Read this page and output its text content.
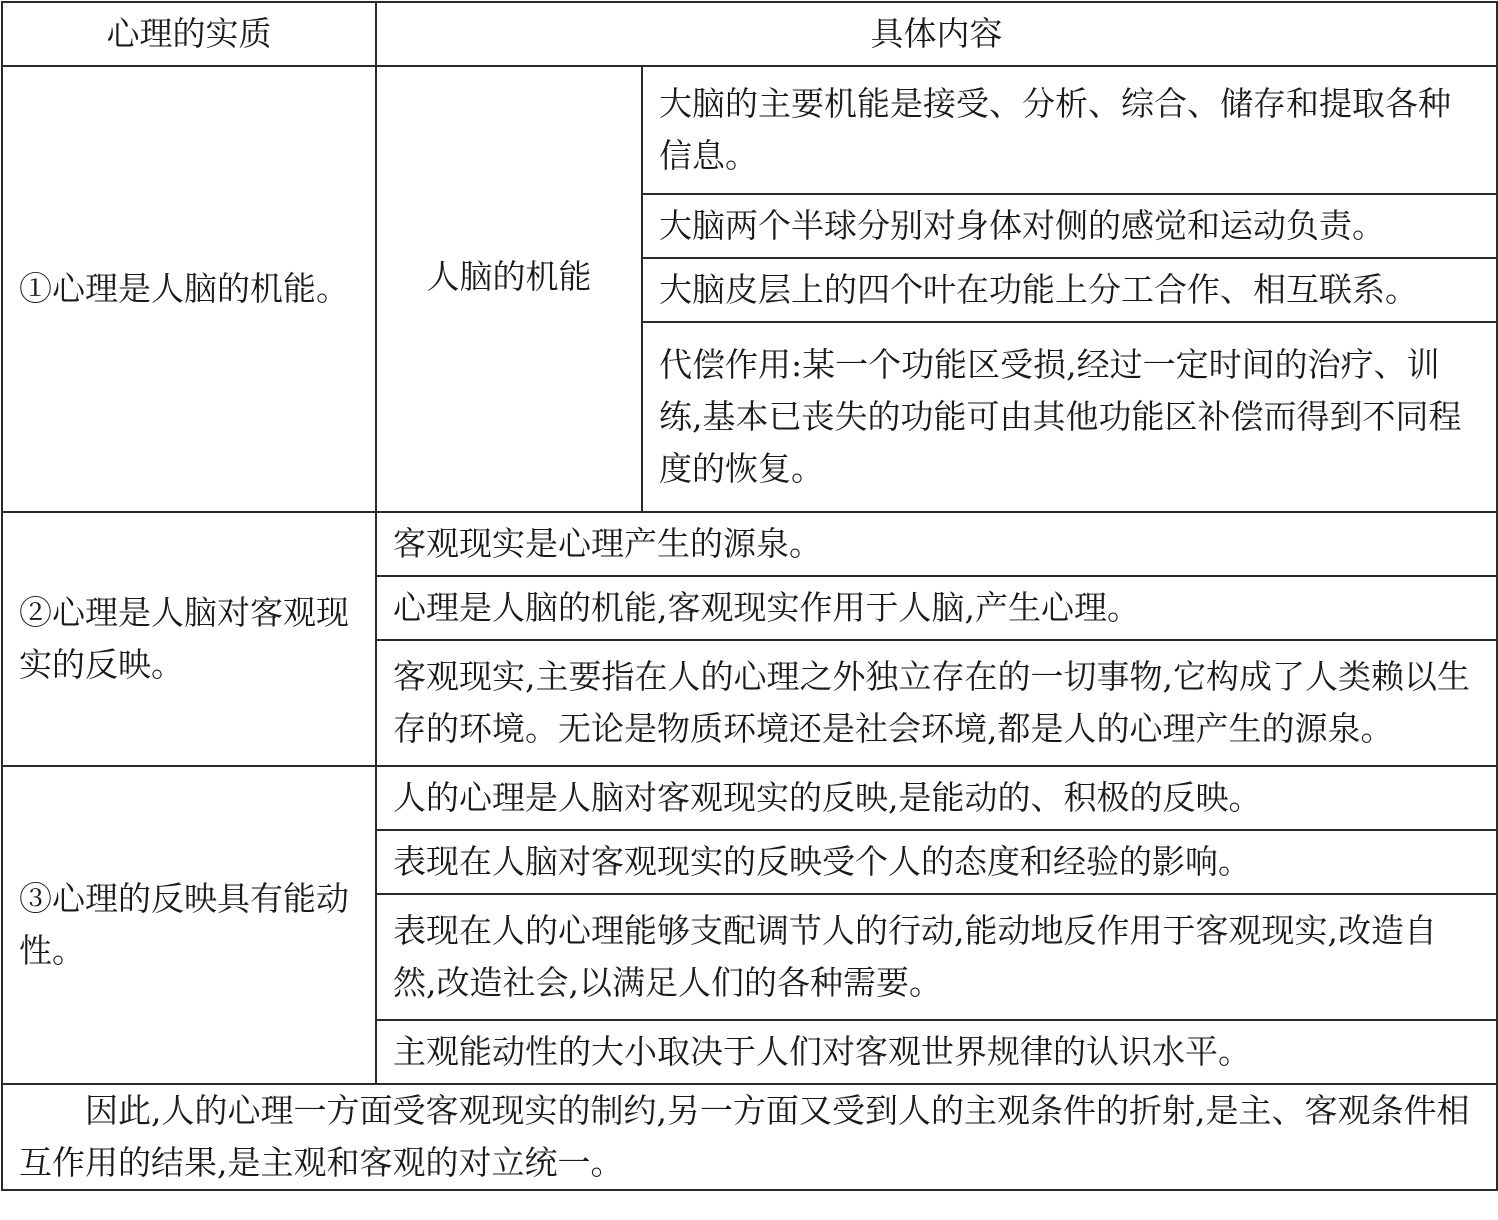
心理的实质	具体内容	
①心理是人脑的机能。	人脑的机能	大脑的主要机能是接受、分析、综合、储存和提取各种信息。
		大脑两个半球分别对身体对侧的感觉和运动负责。
		大脑皮层上的四个叶在功能上分工合作、相互联系。
		代偿作用:某一个功能区受损,经过一定时间的治疗、训练,基本已丧失的功能可由其他功能区补偿而得到不同程度的恢复。
②心理是人脑对客观现实的反映。	客观现实是心理产生的源泉。	
	心理是人脑的机能,客观现实作用于人脑,产生心理。	
	客观现实,主要指在人的心理之外独立存在的一切事物,它构成了人类赖以生存的环境。无论是物质环境还是社会环境,都是人的心理产生的源泉。	
③心理的反映具有能动性。	人的心理是人脑对客观现实的反映,是能动的、积极的反映。	
	表现在人脑对客观现实的反映受个人的态度和经验的影响。	
	表现在人的心理能够支配调节人的行动,能动地反作用于客观现实,改造自然,改造社会,以满足人们的各种需要。	
	主观能动性的大小取决于人们对客观世界规律的认识水平。	
因此,人的心理一方面受客观现实的制约,另一方面又受到人的主观条件的折射,是主、客观条件相互作用的结果,是主观和客观的对立统一。		
